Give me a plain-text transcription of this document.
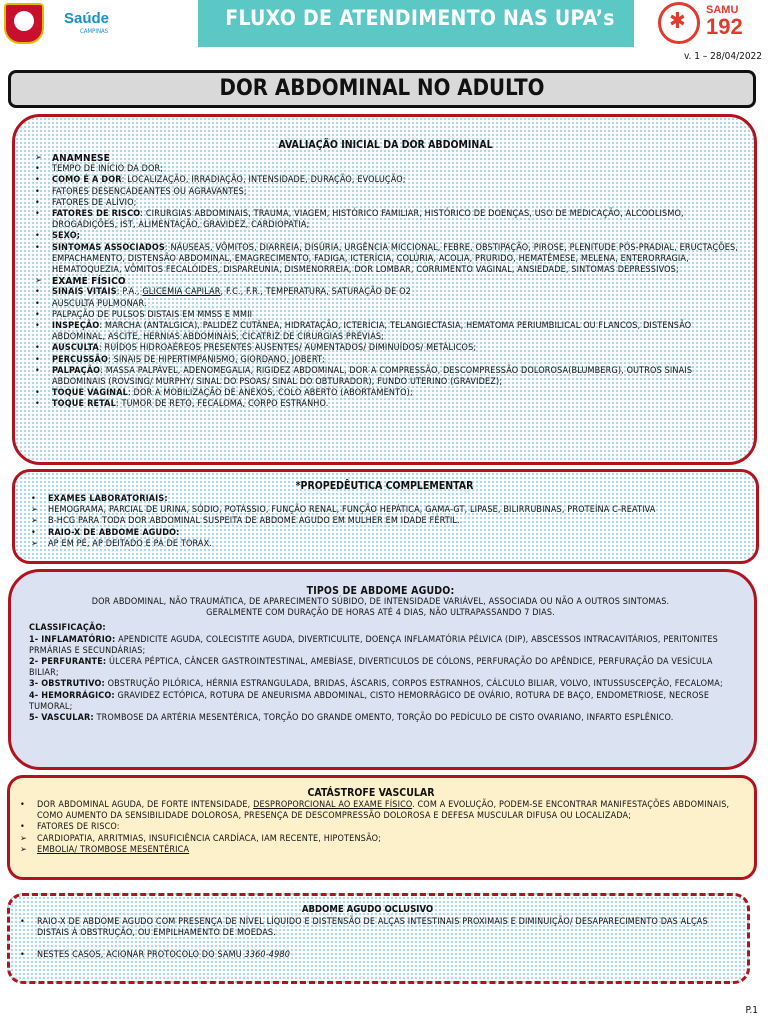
Saúde
CAMPINAS
FLUXO DE ATENDIMENTO NAS UPA’s	✱ SAMU
192
v. 1 – 28/04/2022
DOR ABDOMINAL NO ADULTO
AVALIAÇÃO INICIAL DA DOR ABDOMINAL
➢ ANAMNESE
• TEMPO DE INÍCIO DA DOR;
• COMO É A DOR: LOCALIZAÇÃO, IRRADIAÇÃO, INTENSIDADE, DURAÇÃO, EVOLUÇÃO;
• FATORES DESENCADEANTES OU AGRAVANTES;
• FATORES DE ALÍVIO;
• FATORES DE RISCO: CIRURGIAS ABDOMINAIS, TRAUMA, VIAGEM, HISTÓRICO FAMILIAR, HISTÓRICO DE DOENÇAS, USO DE MEDICAÇÃO, ALCOOLISMO, DROGADIÇÕES, IST, ALIMENTAÇÃO, GRAVIDEZ, CARDIOPATIA;
• SEXO;
• SINTOMAS ASSOCIADOS: NÁUSEAS, VÔMITOS, DIARREIA, DISÚRIA, URGÊNCIA MICCIONAL, FEBRE, OBSTIPAÇÃO, PIROSE, PLENITUDE PÓS-PRADIAL, ERUCTAÇÕES, EMPACHAMENTO, DISTENSÃO ABDOMINAL, EMAGRECIMENTO, FADIGA, ICTERÍCIA, COLÚRIA, ACOLIA, PRURIDO, HEMATÊMESE, MELENA, ENTERORRAGIA, HEMATOQUEZIA, VÔMITOS FECALÓIDES, DISPAREUNIA, DISMENORREIA, DOR LOMBAR, CORRIMENTO VAGINAL, ANSIEDADE, SINTOMAS DEPRESSIVOS;
➢ EXAME FÍSICO
• SINAIS VITAIS: P.A., GLICEMIA CAPILAR, F.C., F.R., TEMPERATURA, SATURAÇÃO DE O2
• AUSCULTA PULMONAR.
• PALPAÇÃO DE PULSOS DISTAIS EM MMSS E MMII
• INSPEÇÃO: MARCHA (ANTALGICA), PALIDEZ CUTÂNEA, HIDRATAÇÃO, ICTERÍCIA, TELANGIECTASIA, HEMATOMA PERIUMBILICAL OU FLANCOS, DISTENSÃO ABDOMINAL, ASCITE, HERNIAS ABDOMINAIS, CICATRIZ DE CIRURGIAS PRÉVIAS;
• AUSCULTA: RUÍDOS HIDROAÉREOS PRESENTES AUSENTES/ AUMENTADOS/ DIMINUÍDOS/ METÁLICOS;
• PERCUSSÃO: SINAIS DE HIPERTIMPANISMO, GIORDANO, JOBERT;
• PALPAÇÃO: MASSA PALPÁVEL, ADENOMEGALIA, RIGIDEZ ABDOMINAL, DOR A COMPRESSÃO, DESCOMPRESSÃO DOLOROSA(BLUMBERG), OUTROS SINAIS ABDOMINAIS (ROVSING/ MURPHY/ SINAL DO PSOAS/ SINAL DO OBTURADOR), FUNDO UTERINO (GRAVIDEZ);
• TOQUE VAGINAL: DOR A MOBILIZAÇÃO DE ANEXOS, COLO ABERTO (ABORTAMENTO);
• TOQUE RETAL: TUMOR DE RETO, FECALOMA, CORPO ESTRANHO.
*PROPEDÊUTICA COMPLEMENTAR
• EXAMES LABORATORIAIS:
➢ HEMOGRAMA, PARCIAL DE URINA, SÓDIO, POTÁSSIO, FUNÇÃO RENAL, FUNÇÃO HEPÁTICA, GAMA-GT, LIPASE, BILIRRUBINAS, PROTEÍNA C-REATIVA
➢ B-HCG PARA TODA DOR ABDOMINAL SUSPEITA DE ABDOME AGUDO EM MULHER EM IDADE FÉRTIL.
• RAIO-X DE ABDOME AGUDO:
➢ AP EM PÉ, AP DEITADO E PA DE TORAX.
TIPOS DE ABDOME AGUDO:
DOR ABDOMINAL, NÃO TRAUMÁTICA, DE APARECIMENTO SÚBIDO, DE INTENSIDADE VARIÁVEL, ASSOCIADA OU NÃO A OUTROS SINTOMAS.
GERALMENTE COM DURAÇÃO DE HORAS ATÉ 4 DIAS, NÃO ULTRAPASSANDO 7 DIAS.
CLASSIFICAÇÃO:
1- INFLAMATÓRIO: APENDICITE AGUDA, COLECISTITE AGUDA, DIVERTICULITE, DOENÇA INFLAMATÓRIA PÉLVICA (DIP), ABSCESSOS INTRACAVITÁRIOS, PERITONITES PRMÁRIAS E SECUNDÁRIAS;
2- PERFURANTE: ÚLCERA PÉPTICA, CÂNCER GASTROINTESTINAL, AMEBÍASE, DIVERTICULOS DE CÓLONS, PERFURAÇÃO DO APÊNDICE, PERFURAÇÃO DA VESÍCULA BILIAR;
3- OBSTRUTIVO: OBSTRUÇÃO PILÓRICA, HÉRNIA ESTRANGULADA, BRIDAS, ÁSCARIS, CORPOS ESTRANHOS, CÁLCULO BILIAR, VOLVO, INTUSSUSCEPÇÃO, FECALOMA;
4- HEMORRÁGICO: GRAVIDEZ ECTÓPICA, ROTURA DE ANEURISMA ABDOMINAL, CISTO HEMORRÁGICO DE OVÁRIO, ROTURA DE BAÇO, ENDOMETRIOSE, NECROSE TUMORAL;
5- VASCULAR: TROMBOSE DA ARTÉRIA MESENTÉRICA, TORÇÃO DO GRANDE OMENTO, TORÇÃO DO PEDÍCULO DE CISTO OVARIANO, INFARTO ESPLÊNICO.
CATÁSTROFE VASCULAR
• DOR ABDOMINAL AGUDA, DE FORTE INTENSIDADE, DESPROPORCIONAL AO EXAME FÍSICO. COM A EVOLUÇÃO, PODEM-SE ENCONTRAR MANIFESTAÇÕES ABDOMINAIS, COMO AUMENTO DA SENSIBILIDADE DOLOROSA, PRESENÇA DE DESCOMPRESSÃO DOLOROSA E DEFESA MUSCULAR DIFUSA OU LOCALIZADA;
• FATORES DE RISCO:
➢ CARDIOPATIA, ARRITMIAS, INSUFICIÊNCIA CARDÍACA, IAM RECENTE, HIPOTENSÃO;
➢ EMBOLIA/ TROMBOSE MESENTÉRICA
ABDOME AGUDO OCLUSIVO
• RAIO-X DE ABDOME AGUDO COM PRESENÇA DE NÍVEL LÍQUIDO E DISTENSÃO DE ALÇAS INTESTINAIS PROXIMAIS E DIMINUIÇÃO/ DESAPARECIMENTO DAS ALÇAS DISTAIS À OBSTRUÇÃO, OU EMPILHAMENTO DE MOEDAS.
• NESTES CASOS, ACIONAR PROTOCOLO DO SAMU 3360-4980
P.1
